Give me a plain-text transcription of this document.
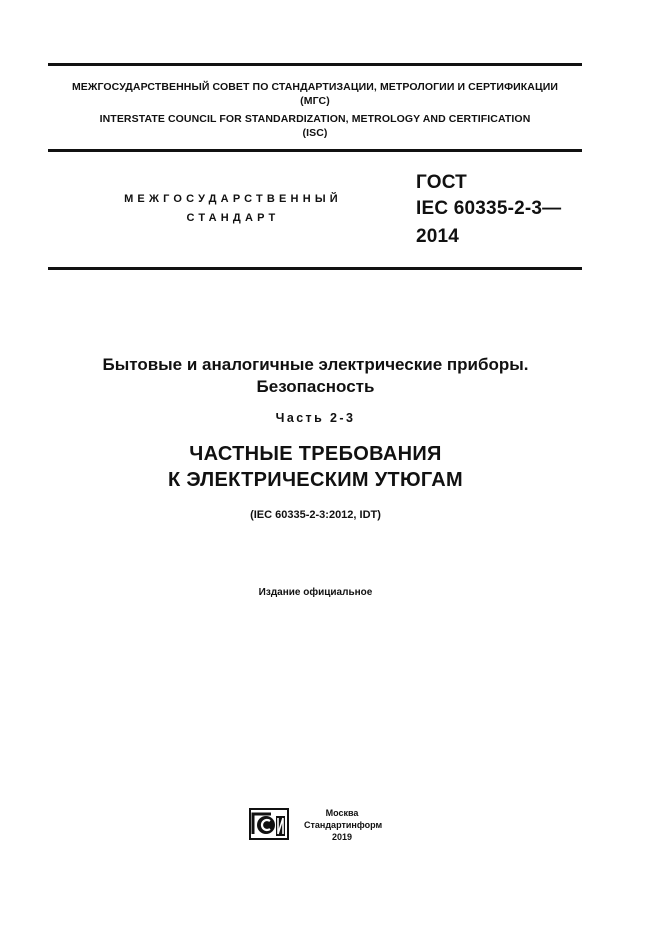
МЕЖГОСУДАРСТВЕННЫЙ СОВЕТ ПО СТАНДАРТИЗАЦИИ, МЕТРОЛОГИИ И СЕРТИФИКАЦИИ
(МГС)
INTERSTATE COUNCIL FOR STANDARDIZATION, METROLOGY AND CERTIFICATION
(ISC)
МЕЖГОСУДАРСТВЕННЫЙ
СТАНДАРТ
ГОСТ
IEC 60335-2-3—
2014
Бытовые и аналогичные электрические приборы.
Безопасность
Часть 2-3
ЧАСТНЫЕ ТРЕБОВАНИЯ
К ЭЛЕКТРИЧЕСКИМ УТЮГАМ
(IEC 60335-2-3:2012, IDT)
Издание официальное
Москва
Стандартинформ
2019
